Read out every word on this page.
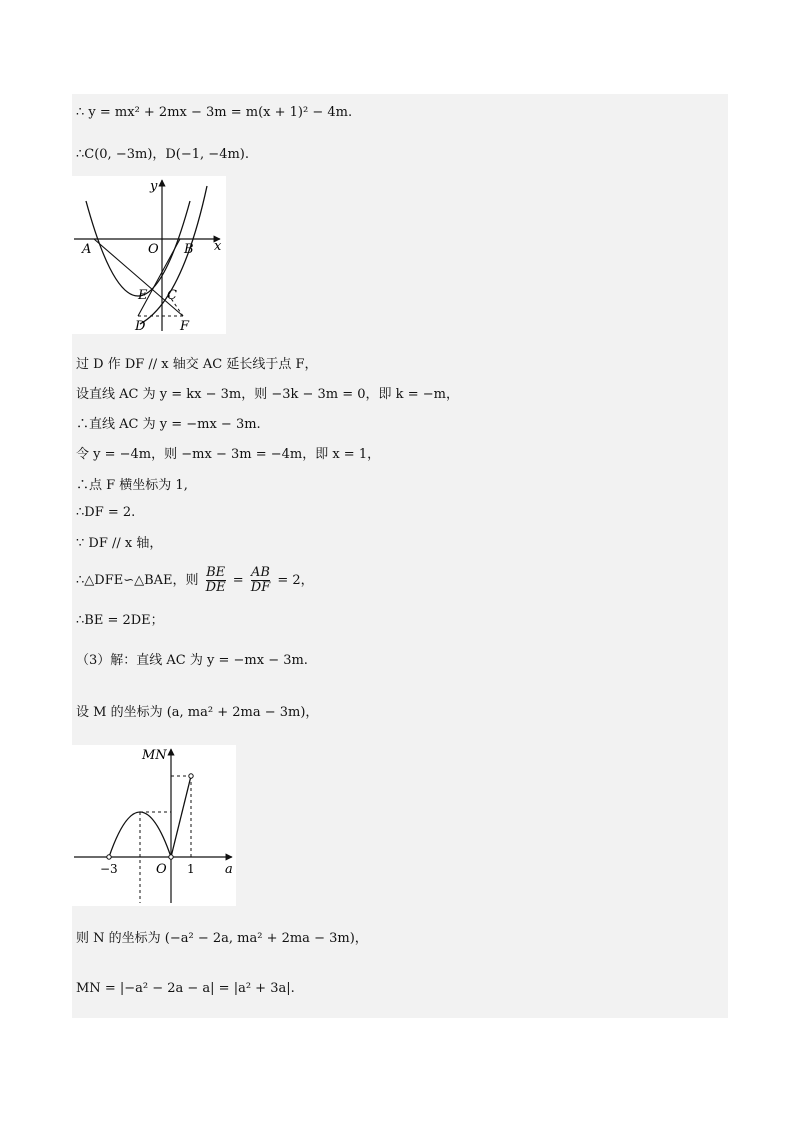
∴ y = mx² + 2mx − 3m = m(x + 1)² − 4m.
∴C(0, −3m)，D(−1, −4m).
y
x
A	O B
E C
D	F
过 D 作 DF // x 轴交 AC 延长线于点 F，
设直线 AC 为 y = kx − 3m，则 −3k − 3m = 0，即 k = −m，
∴直线 AC 为 y = −mx − 3m.
令 y = −4m，则 −mx − 3m = −4m，即 x = 1，
∴点 F 横坐标为 1,
∴DF = 2.
∵ DF // x 轴，
∴△DFE∽△BAE，则 $\frac{BE}{DE} = \frac{AB}{DF} = 2$，
∴BE = 2DE；
（3）解：直线 AC 为 y = −mx − 3m.
设 M 的坐标为 (a, ma² + 2ma − 3m)，
MN
−3	O 1 a
则 N 的坐标为 (−a² − 2a, ma² + 2ma − 3m)，
MN = |−a² − 2a − a| = |a² + 3a|.
